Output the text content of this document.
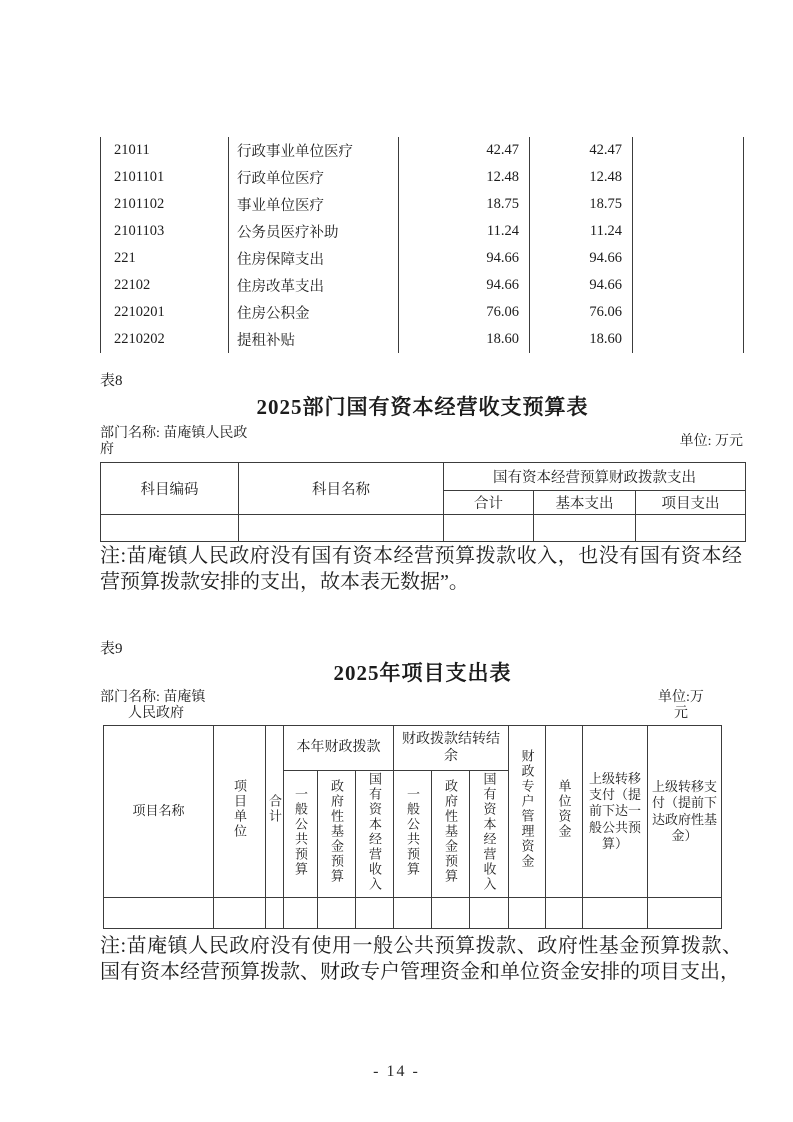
21011	行政事业单位医疗	42.47	42.47	
2101101	行政单位医疗	12.48	12.48	
2101102	事业单位医疗	18.75	18.75	
2101103	公务员医疗补助	11.24	11.24	
221	住房保障支出	94.66	94.66	
22102	住房改革支出	94.66	94.66	
2210201	住房公积金	76.06	76.06	
2210202	提租补贴	18.60	18.60	
表8
2025部门国有资本经营收支预算表
部门名称: 苗庵镇人民政
府
单位: 万元
科目编码	科目名称	国有资本经营预算财政拨款支出		
		合计	基本支出	项目支出

注:苗庵镇人民政府没有国有资本经营预算拨款收入，也没有国有资本经营预算拨款安排的支出，故本表无数据”。
表9
2025年项目支出表
部门名称: 苗庵镇
人民政府
单位:万
元
项目名称	项目单位	合计	本年财政拨款			财政拨款结转结余			财政专户管理资金	单位资金	上级转移支付（提前下达一般公共预算）	上级转移支付（提前下达政府性基金）
			一般公共预算	政府性基金预算	国有资本经营收入	一般公共预算	政府性基金预算	国有资本经营收入				

注:苗庵镇人民政府没有使用一般公共预算拨款、政府性基金预算拨款、国有资本经营预算拨款、财政专户管理资金和单位资金安排的项目支出，
- 14 -
